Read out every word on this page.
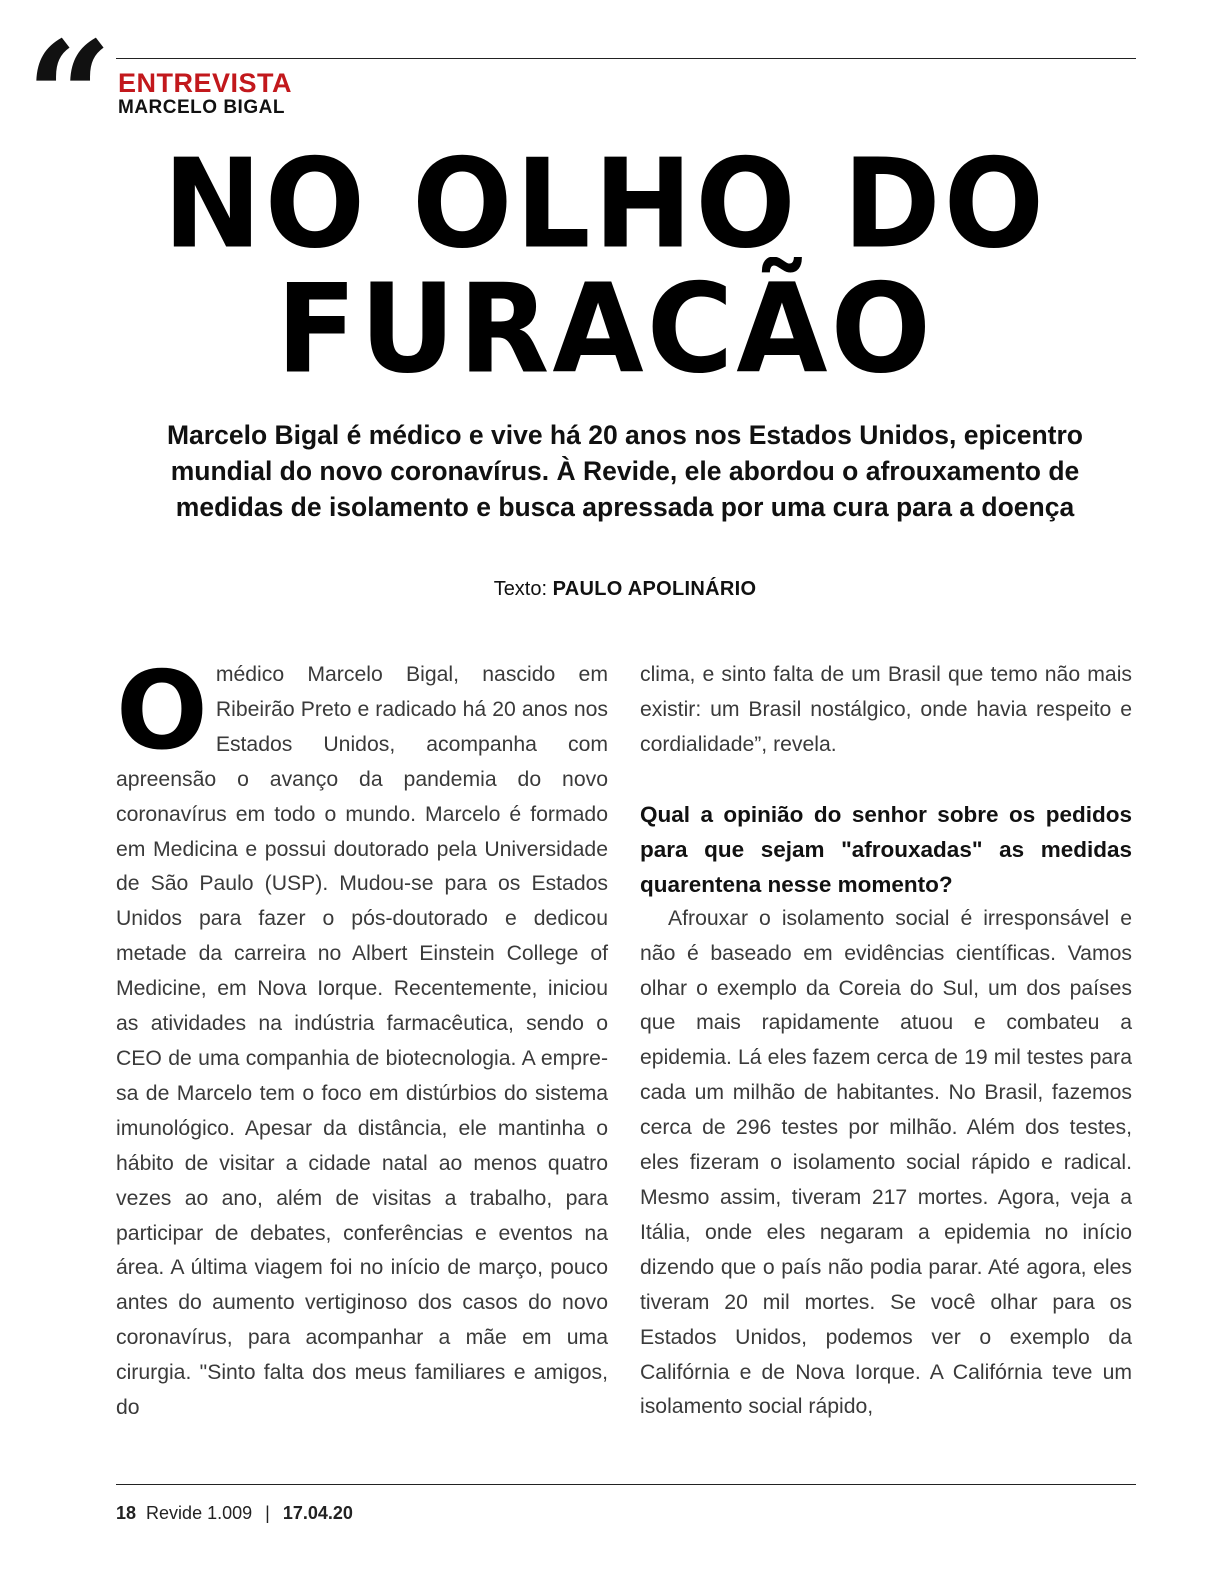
“ ENTREVISTA
MARCELO BIGAL
NO OLHO DO
FURACÃO
Marcelo Bigal é médico e vive há 20 anos nos Estados Unidos, epicentro mundial do novo coronavírus. À Revide, ele abordou o afrouxamento de medidas de isolamento e busca apressada por uma cura para a doença
Texto: PAULO APOLINÁRIO

O médico Marcelo Bigal, nascido em Ribeirão Preto e radicado há 20 anos nos Estados Unidos, acompanha com apreensão o avanço da pandemia do novo coronavírus em todo o mundo. Marcelo é formado em Medicina e possui doutorado pela Universidade de São Paulo (USP). Mudou-se para os Estados Unidos para fazer o pós-doutorado e dedicou metade da carreira no Albert Einstein College of Medicine, em Nova Iorque. Recentemente, iniciou as atividades na indústria farmacêutica, sendo o CEO de uma companhia de biotecnologia. A empresa de Marcelo tem o foco em distúrbios do sistema imunológico. Apesar da distância, ele mantinha o hábito de visitar a cidade natal ao menos quatro vezes ao ano, além de visitas a trabalho, para participar de debates, conferências e eventos na área. A última viagem foi no início de março, pouco antes do aumento vertiginoso dos casos do novo coronavírus, para acompanhar a mãe em uma cirurgia. "Sinto falta dos meus familiares e amigos, do

clima, e sinto falta de um Brasil que temo não mais existir: um Brasil nostálgico, onde havia respeito e cordialidade”, revela.

Qual a opinião do senhor sobre os pedidos para que sejam "afrouxadas" as medidas quarentena nesse momento?

Afrouxar o isolamento social é irresponsável e não é baseado em evidências científicas. Vamos olhar o exemplo da Coreia do Sul, um dos países que mais rapidamente atuou e combateu a epidemia. Lá eles fazem cerca de 19 mil testes para cada um milhão de habitantes. No Brasil, fazemos cerca de 296 testes por milhão. Além dos testes, eles fizeram o isolamento social rápido e radical. Mesmo assim, tiveram 217 mortes. Agora, veja a Itália, onde eles negaram a epidemia no início dizendo que o país não podia parar. Até agora, eles tiveram 20 mil mortes. Se você olhar para os Estados Unidos, podemos ver o exemplo da Califórnia e de Nova Iorque. A Califórnia teve um isolamento social rápido,

18 Revide 1.009 | 17.04.20
